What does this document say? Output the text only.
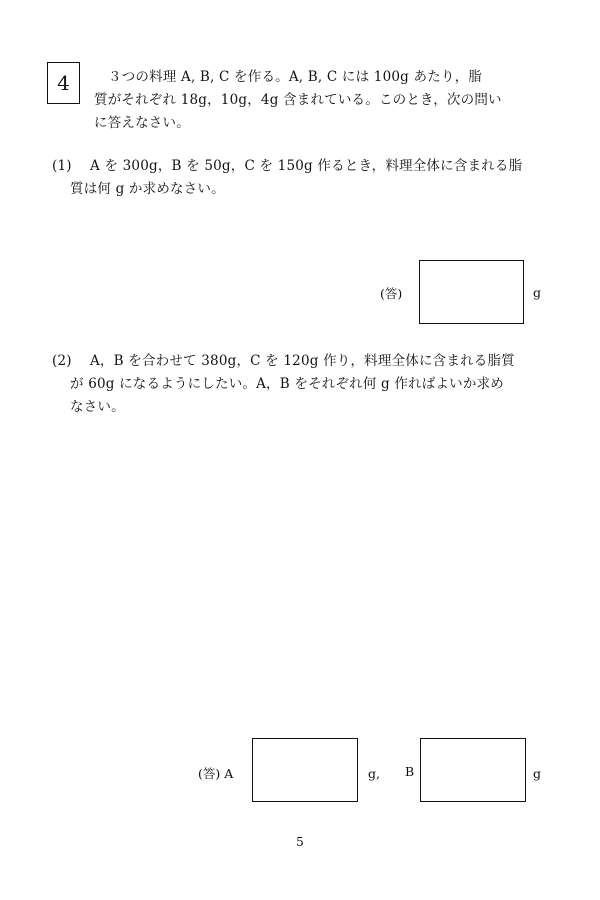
4	３つの料理 A, B, C を作る。A, B, C には 100g あたり，脂
質がそれぞれ 18g，10g，4g 含まれている。このとき，次の問い
に答えなさい。
(1) A を 300g，B を 50g，C を 150g 作るとき，料理全体に含まれる脂
質は何 g か求めなさい。
(答)	g
(2) A，B を合わせて 380g，C を 120g 作り，料理全体に含まれる脂質
が 60g になるようにしたい。A，B をそれぞれ何 g 作ればよいか求め
なさい。
(答) A	g, B	g
5
